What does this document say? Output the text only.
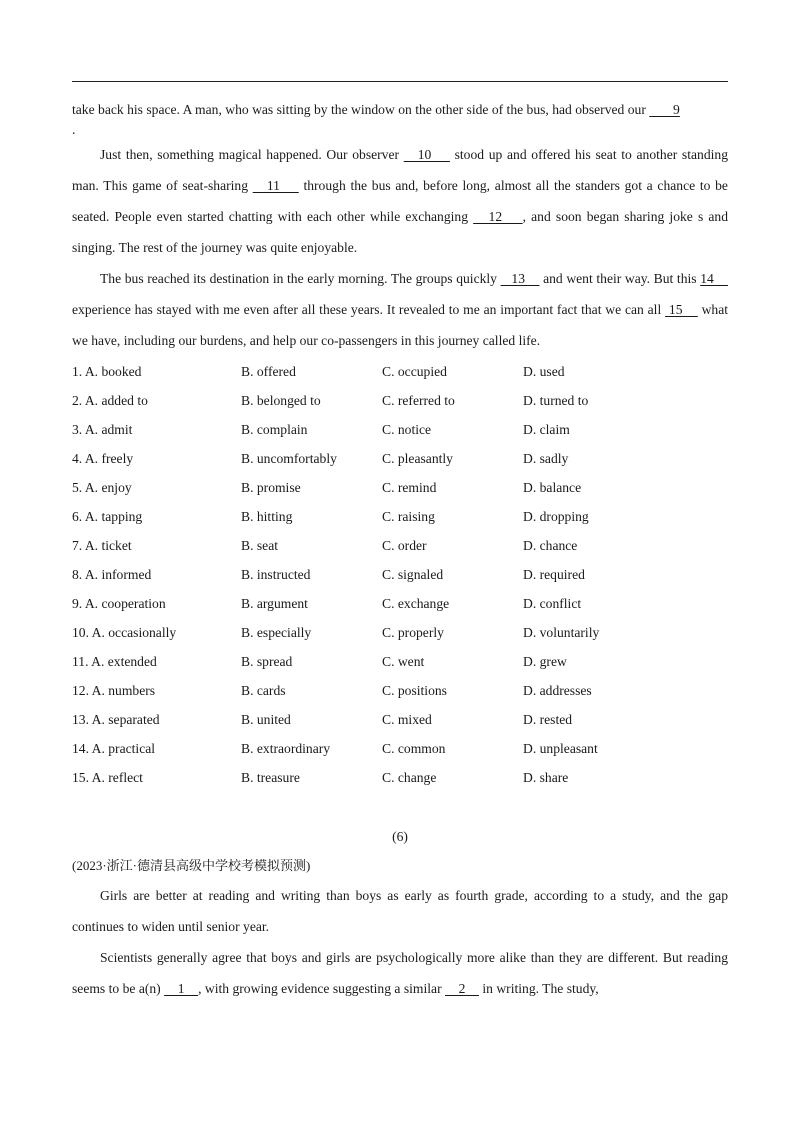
take back his space. A man, who was sitting by the window on the other side of the bus, had observed our        9

.

Just then, something magical happened. Our observer    10     stood up and offered his seat to another standing man. This game of seat-sharing    11     through the bus and, before long, almost all the standers got a chance to be seated. People even started chatting with each other while exchanging    12    , and soon began sharing joke s and singing. The rest of the journey was quite enjoyable.

The bus reached its destination in the early morning. The groups quickly    13     and went their way. But this 14     experience has stayed with me even after all these years. It revealed to me an important fact that we can all  15     what we have, including our burdens, and help our co-passengers in this journey called life.

1. A. booked	B. offered	C. occupied	D. used
2. A. added to	B. belonged to	C. referred to	D. turned to
3. A. admit	B. complain	C. notice	D. claim
4. A. freely	B. uncomfortably	C. pleasantly	D. sadly
5. A. enjoy	B. promise	C. remind	D. balance
6. A. tapping	B. hitting	C. raising	D. dropping
7. A. ticket	B. seat	C. order	D. chance
8. A. informed	B. instructed	C. signaled	D. required
9. A. cooperation	B. argument	C. exchange	D. conflict
10. A. occasionally	B. especially	C. properly	D. voluntarily
11. A. extended	B. spread	C. went	D. grew
12. A. numbers	B. cards	C. positions	D. addresses
13. A. separated	B. united	C. mixed	D. rested
14. A. practical	B. extraordinary	C. common	D. unpleasant
15. A. reflect	B. treasure	C. change	D. share
(6)
(2023·浙江·德清县高级中学校考模拟预测)

Girls are better at reading and writing than boys as early as fourth grade, according to a study, and the gap continues to widen until senior year.

Scientists generally agree that boys and girls are psychologically more alike than they are different. But reading seems to be a(n)     1    , with growing evidence suggesting a similar     2     in writing. The study,
